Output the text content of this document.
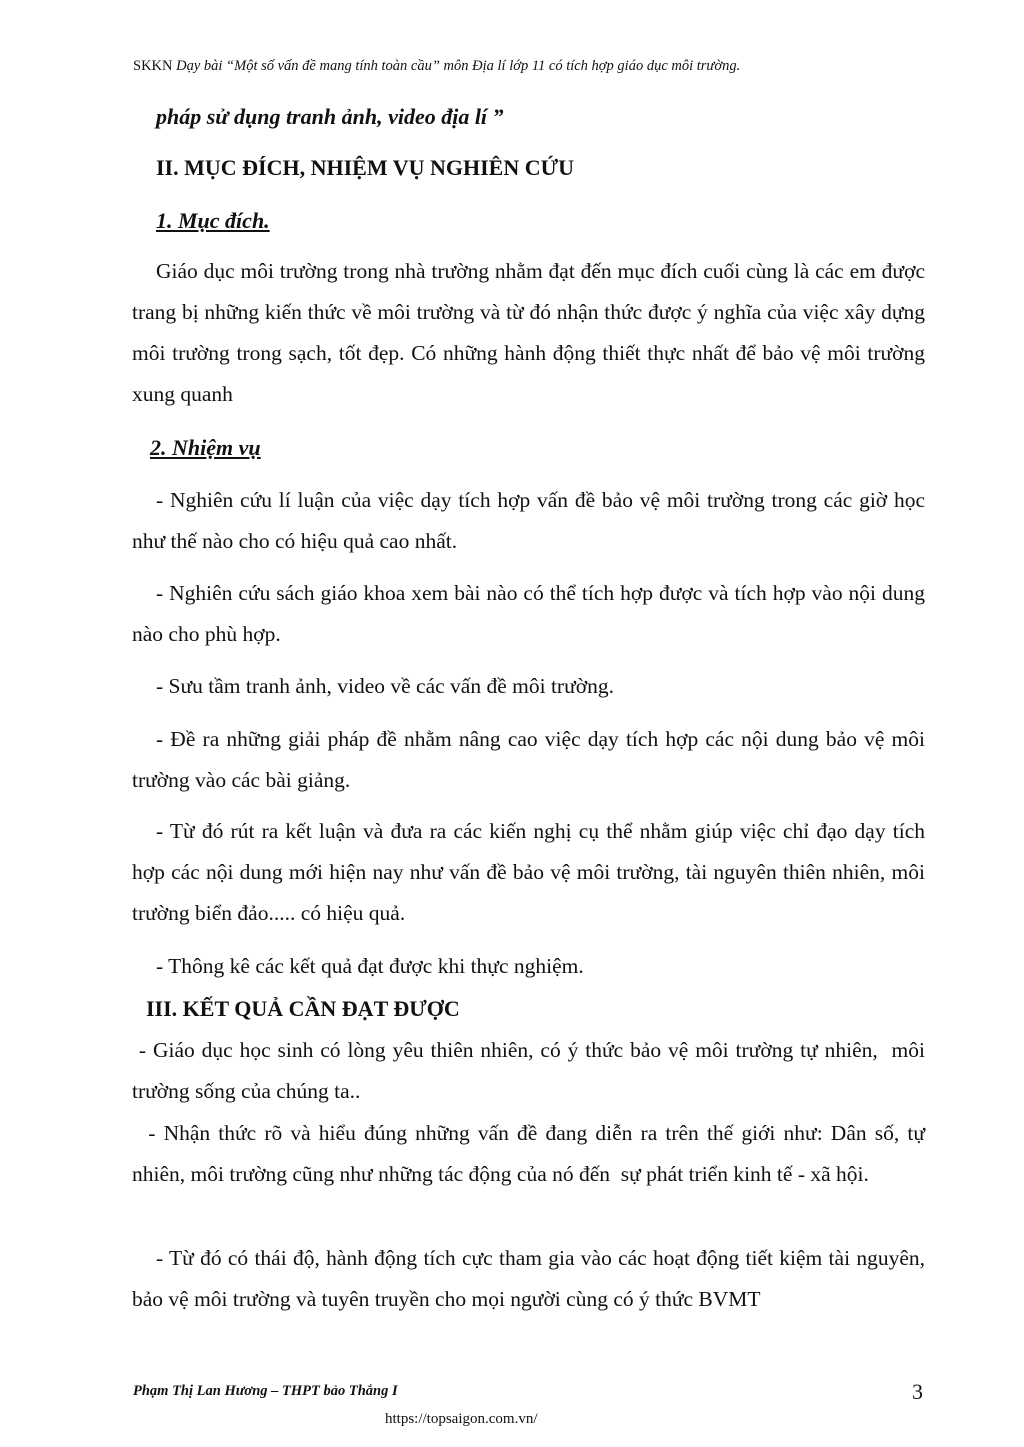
SKKN Dạy bài “Một số vấn đề mang tính toàn cầu” môn Địa lí lớp 11 có tích hợp giáo dục môi trường.
pháp sử dụng tranh ảnh, video địa lí ”
II. MỤC ĐÍCH, NHIỆM VỤ NGHIÊN CỨU
1. Mục đích.
Giáo dục môi trường trong nhà trường nhằm đạt đến mục đích cuối cùng là các em được trang bị những kiến thức về môi trường và từ đó nhận thức được ý nghĩa của việc xây dựng môi trường trong sạch, tốt đẹp. Có những hành động thiết thực nhất để bảo vệ môi trường xung quanh
2. Nhiệm vụ
- Nghiên cứu lí luận của việc dạy tích hợp vấn đề bảo vệ môi trường trong các giờ học như thế nào cho có hiệu quả cao nhất.
- Nghiên cứu sách giáo khoa xem bài nào có thể tích hợp được và tích hợp vào nội dung nào cho phù hợp.
- Sưu tầm tranh ảnh, video về các vấn đề môi trường.
- Đề ra những giải pháp đề nhằm nâng cao việc dạy tích hợp các nội dung bảo vệ môi trường vào các bài giảng.
- Từ đó rút ra kết luận và đưa ra các kiến nghị cụ thể nhằm giúp việc chỉ đạo dạy tích hợp các nội dung mới hiện nay như vấn đề bảo vệ môi trường, tài nguyên thiên nhiên, môi trường biển đảo..... có hiệu quả.
- Thông kê các kết quả đạt được khi thực nghiệm.
III. KẾT QUẢ CẦN ĐẠT ĐƯỢC
- Giáo dục học sinh có lòng yêu thiên nhiên, có ý thức bảo vệ môi trường tự nhiên,  môi trường sống của chúng ta..
- Nhận thức rõ và hiểu đúng những vấn đề đang diễn ra trên thế giới như: Dân số, tự nhiên, môi trường cũng như những tác động của nó đến  sự phát triển kinh tế - xã hội.
- Từ đó có thái độ, hành động tích cực tham gia vào các hoạt động tiết kiệm tài nguyên, bảo vệ môi trường và tuyên truyền cho mọi người cùng có ý thức BVMT
Phạm Thị Lan Hương – THPT bảo Thắng I	3
https://topsaigon.com.vn/
